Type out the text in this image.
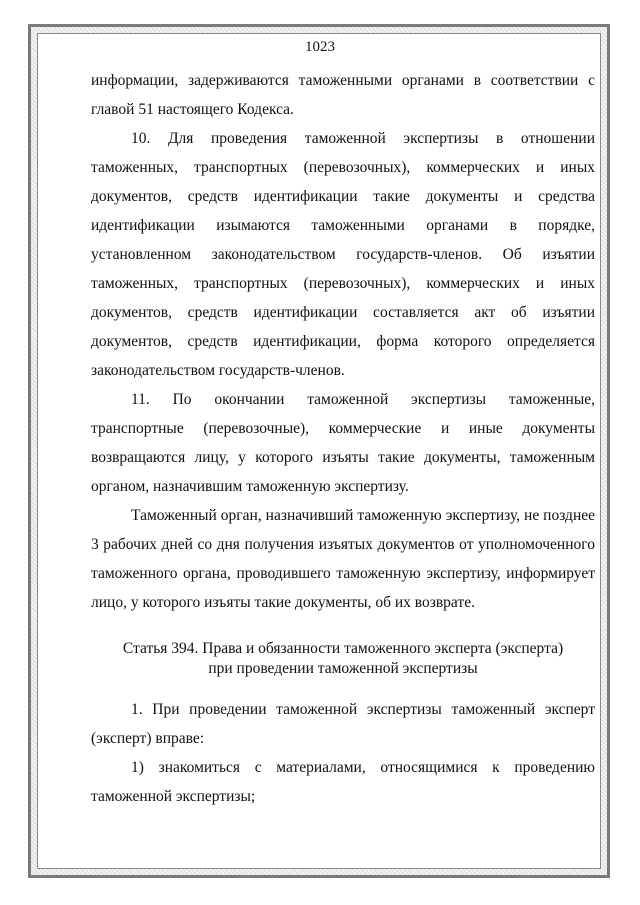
1023

информации, задерживаются таможенными органами в соответствии с главой 51 настоящего Кодекса.

10. Для проведения таможенной экспертизы в отношении таможенных, транспортных (перевозочных), коммерческих и иных документов, средств идентификации такие документы и средства идентификации изымаются таможенными органами в порядке, установленном законодательством государств-членов. Об изъятии таможенных, транспортных (перевозочных), коммерческих и иных документов, средств идентификации составляется акт об изъятии документов, средств идентификации, форма которого определяется законодательством государств-членов.

11. По окончании таможенной экспертизы таможенные, транспортные (перевозочные), коммерческие и иные документы возвращаются лицу, у которого изъяты такие документы, таможенным органом, назначившим таможенную экспертизу.

Таможенный орган, назначивший таможенную экспертизу, не позднее 3 рабочих дней со дня получения изъятых документов от уполномоченного таможенного органа, проводившего таможенную экспертизу, информирует лицо, у которого изъяты такие документы, об их возврате.

Статья 394. Права и обязанности таможенного эксперта (эксперта)
при проведении таможенной экспертизы

1. При проведении таможенной экспертизы таможенный эксперт (эксперт) вправе:

1) знакомиться с материалами, относящимися к проведению таможенной экспертизы;
